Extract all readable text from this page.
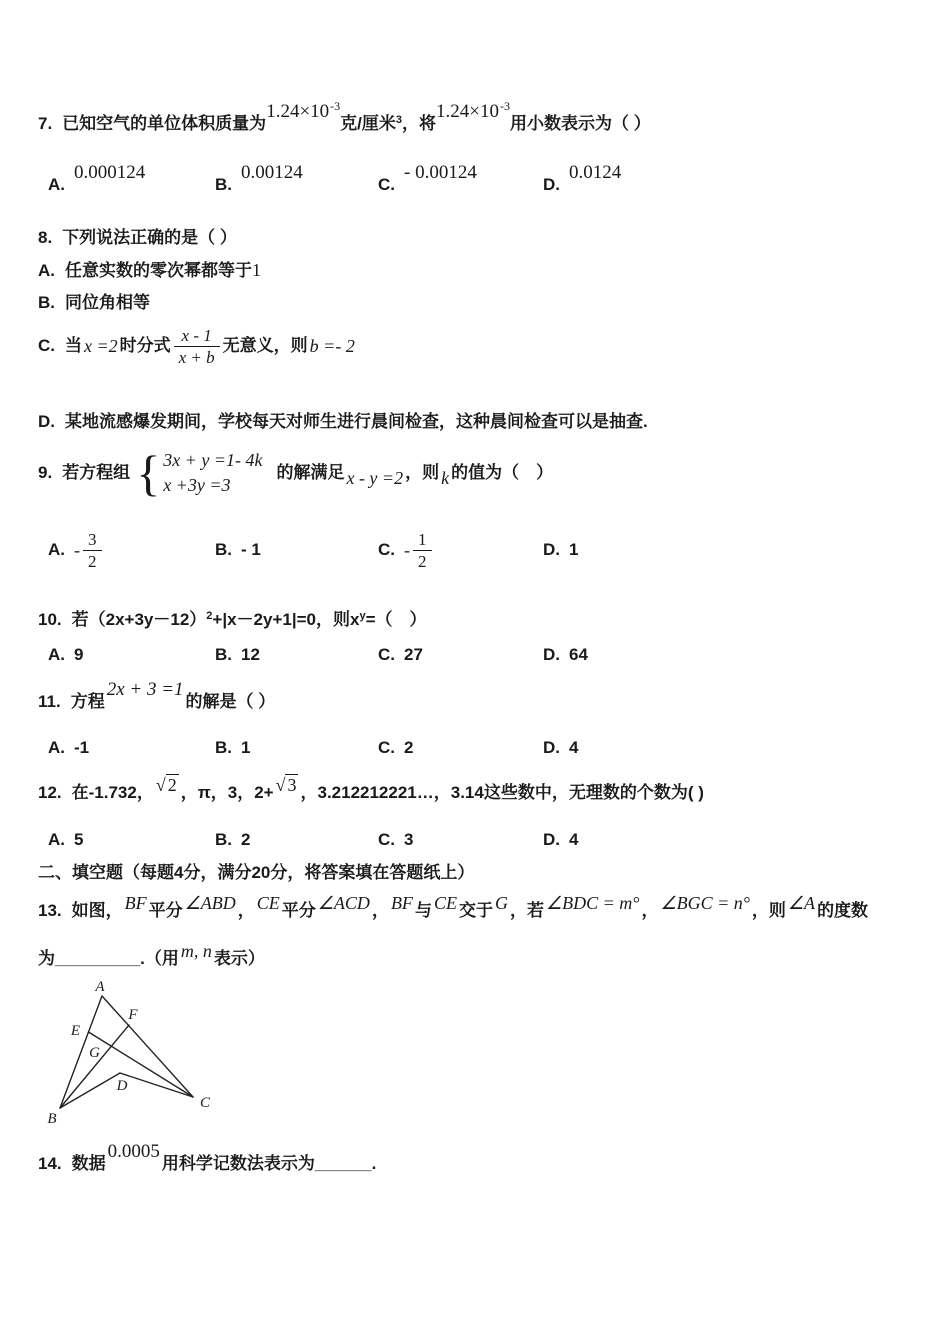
7. 已知空气的单位体积质量为$1.24\times 10^{-3}$克/厘米$^3$，将$1.24\times 10^{-3}$用小数表示为（ ）
A.0.000124
B.0.00124
C.- 0.00124
D.0.0124
8. 下列说法正确的是（ ）
A. 任意实数的零次幂都等于1
B. 同位角相等
C. 当 x =2 时分式 $\frac{x - 1}{x + b}$ 无意义，则 b =- 2
D. 某地流感爆发期间，学校每天对师生进行晨间检查，这种晨间检查可以是抽查.
9. 若方程组 { 3x + y =1- 4k
x +3y =3
的解满足 x - y =2 ，则 k 的值为（　）
A. - $\frac{3}{2}$	B. - 1	C. - $\frac{1}{2}$	D. 1
10. 若$(2x+3y-12)^2+|x-2y+1|=0$，则$x^y=$（　）
A. 9	B. 12	C. 27	D. 64
11. 方程2x + 3 =1的解是（ ）
A. -1	B. 1	C. 2	D. 4
12. 在-1.732， √ 2 ，π，3，2+ √ 3 ，3.212212221…，3.14这些数中，无理数的个数为( )
A. 5	B. 2	C. 3	D. 4
二、填空题（每题4分，满分20分，将答案填在答题纸上）
13. 如图， BF 平分 ∠ABD ， CE 平分 ∠ACD ， BF 与 CE 交于 G ，若 ∠BDC = m° ， ∠BGC = n° ，则 ∠A 的度数
为_________.（用 m, n 表示）
A
E
F
G
D
B
C
14. 数据0.0005用科学记数法表示为______.
